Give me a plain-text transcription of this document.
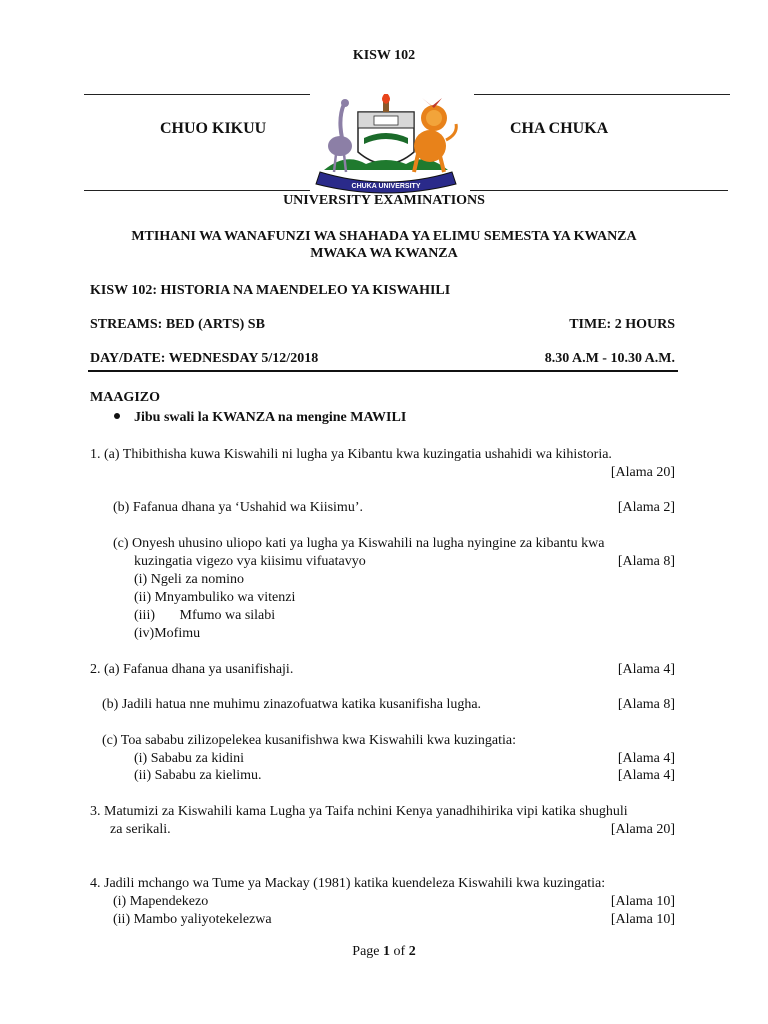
KISW 102
CHUO KIKUU	CHA CHUKA
CHUKA UNIVERSITY
UNIVERSITY EXAMINATIONS
MTIHANI WA WANAFUNZI WA SHAHADA YA ELIMU SEMESTA YA KWANZA
MWAKA WA KWANZA
KISW 102: HISTORIA NA MAENDELEO YA KISWAHILI
STREAMS: BED (ARTS) SB	TIME: 2 HOURS
DAY/DATE: WEDNESDAY 5/12/2018	8.30 A.M - 10.30 A.M.
MAAGIZO
Jibu swali la KWANZA na mengine MAWILI
1. (a) Thibithisha kuwa Kiswahili ni lugha ya Kibantu kwa kuzingatia ushahidi wa kihistoria.
[Alama 20]
(b) Fafanua dhana ya ‘Ushahid wa Kiisimu’.	[Alama 2]
(c) Onyesh uhusino uliopo kati ya lugha ya Kiswahili na lugha nyingine za kibantu kwa
kuzingatia vigezo vya kiisimu vifuatavyo	[Alama 8]
(i) Ngeli za nomino
(ii) Mnyambuliko wa vitenzi
(iii)       Mfumo wa silabi
(iv)Mofimu
2. (a) Fafanua dhana ya usanifishaji.	[Alama 4]
(b) Jadili hatua nne muhimu zinazofuatwa katika kusanifisha lugha.	[Alama 8]
(c) Toa sababu zilizopelekea kusanifishwa kwa Kiswahili kwa kuzingatia:
(i) Sababu za kidini	[Alama 4]
(ii) Sababu za kielimu.	[Alama 4]
3. Matumizi za Kiswahili kama Lugha ya Taifa nchini Kenya yanadhihirika vipi katika shughuli
za serikali.	[Alama 20]
4. Jadili mchango wa Tume ya Mackay (1981) katika kuendeleza Kiswahili kwa kuzingatia:
(i) Mapendekezo	[Alama 10]
(ii) Mambo yaliyotekelezwa	[Alama 10]
Page 1 of 2
